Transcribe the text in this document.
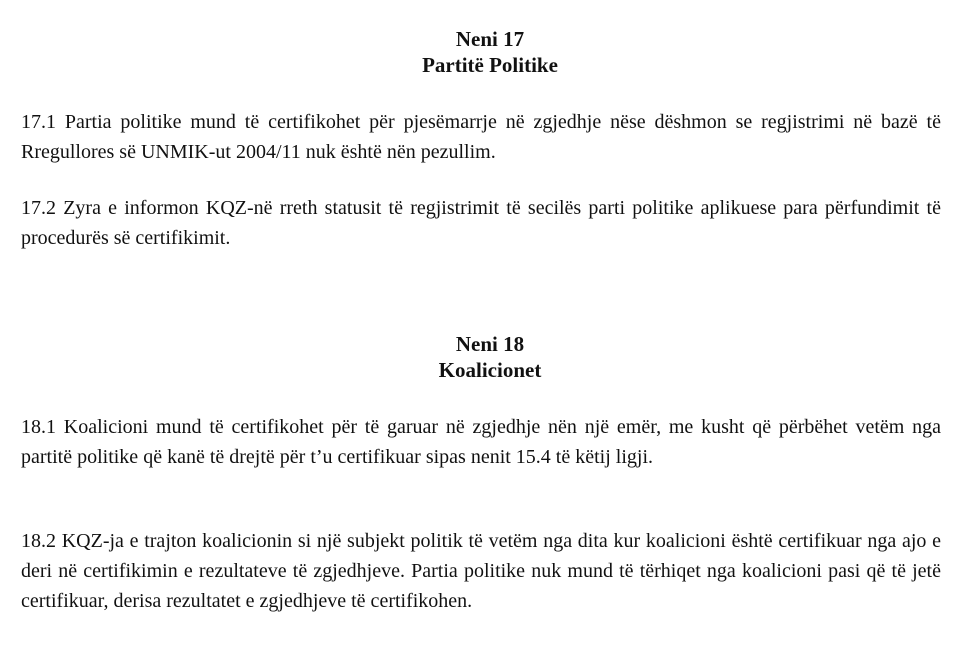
Neni 17
Partitë Politike
17.1 Partia politike mund të certifikohet për pjesëmarrje në zgjedhje nëse dëshmon se regjistrimi në bazë të Rregullores së UNMIK-ut 2004/11 nuk është nën pezullim.
17.2 Zyra e informon KQZ-në rreth statusit të regjistrimit të secilës parti politike aplikuese para përfundimit të procedurës së certifikimit.
Neni 18
Koalicionet
18.1 Koalicioni mund të certifikohet për të garuar në zgjedhje nën një emër, me kusht që përbëhet vetëm nga partitë politike që kanë të drejtë për t’u certifikuar sipas nenit 15.4 të këtij ligji.
18.2 KQZ-ja e trajton koalicionin si një subjekt politik të vetëm nga dita kur koalicioni është certifikuar nga ajo e deri në certifikimin e rezultateve të zgjedhjeve. Partia politike nuk mund të tërhiqet nga koalicioni pasi që të jetë certifikuar, derisa rezultatet e zgjedhjeve të certifikohen.
